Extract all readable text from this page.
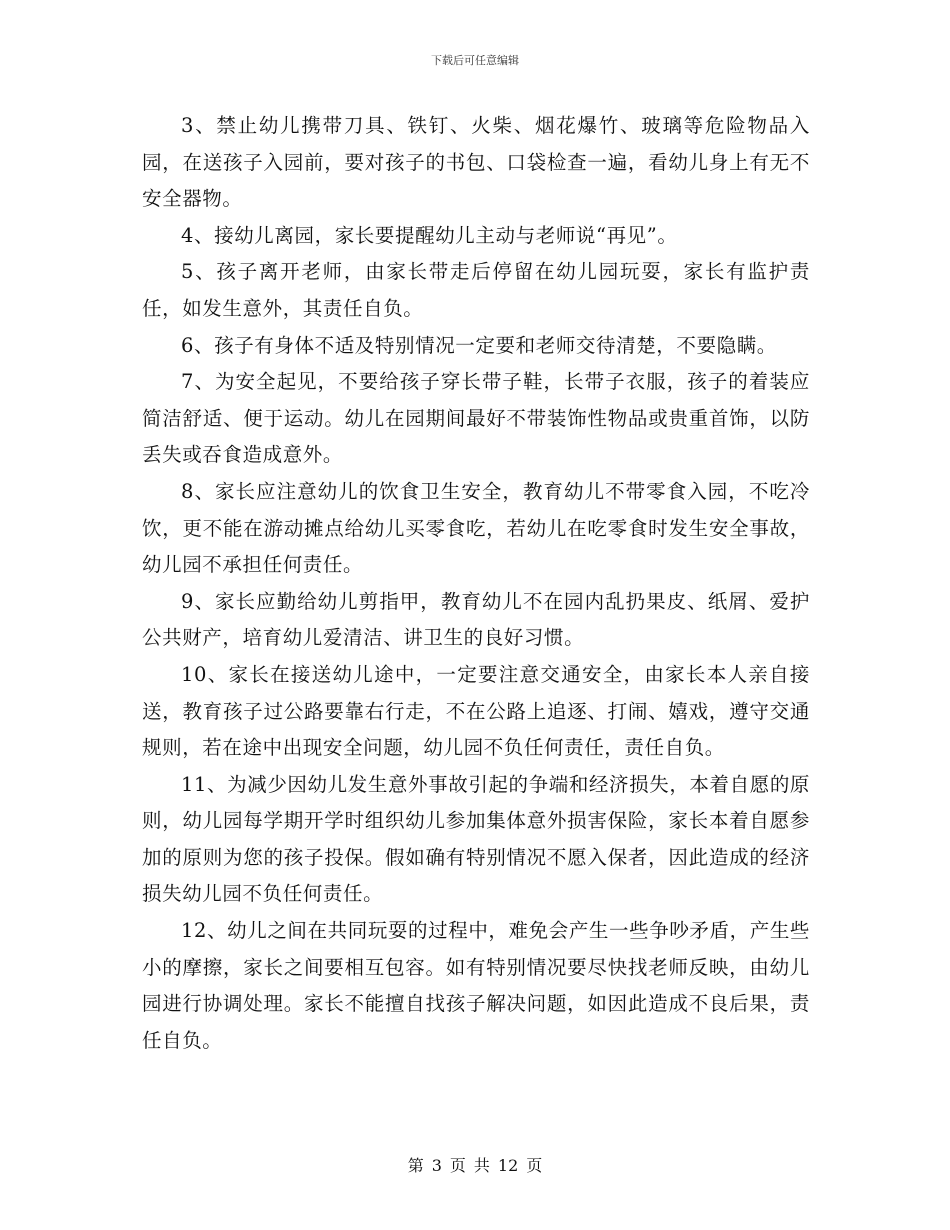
下载后可任意编辑

3、禁止幼儿携带刀具、铁钉、火柴、烟花爆竹、玻璃等危险物品入园，在送孩子入园前，要对孩子的书包、口袋检查一遍，看幼儿身上有无不安全器物。

4、接幼儿离园，家长要提醒幼儿主动与老师说“再见”。

5、孩子离开老师，由家长带走后停留在幼儿园玩耍，家长有监护责任，如发生意外，其责任自负。

6、孩子有身体不适及特别情况一定要和老师交待清楚，不要隐瞒。

7、为安全起见，不要给孩子穿长带子鞋，长带子衣服，孩子的着装应简洁舒适、便于运动。幼儿在园期间最好不带装饰性物品或贵重首饰，以防丢失或吞食造成意外。

8、家长应注意幼儿的饮食卫生安全，教育幼儿不带零食入园，不吃冷饮，更不能在游动摊点给幼儿买零食吃，若幼儿在吃零食时发生安全事故，幼儿园不承担任何责任。

9、家长应勤给幼儿剪指甲，教育幼儿不在园内乱扔果皮、纸屑、爱护公共财产，培育幼儿爱清洁、讲卫生的良好习惯。

10、家长在接送幼儿途中，一定要注意交通安全，由家长本人亲自接送，教育孩子过公路要靠右行走，不在公路上追逐、打闹、嬉戏，遵守交通规则，若在途中出现安全问题，幼儿园不负任何责任，责任自负。

11、为减少因幼儿发生意外事故引起的争端和经济损失，本着自愿的原则，幼儿园每学期开学时组织幼儿参加集体意外损害保险，家长本着自愿参加的原则为您的孩子投保。假如确有特别情况不愿入保者，因此造成的经济损失幼儿园不负任何责任。

12、幼儿之间在共同玩耍的过程中，难免会产生一些争吵矛盾，产生些小的摩擦，家长之间要相互包容。如有特别情况要尽快找老师反映，由幼儿园进行协调处理。家长不能擅自找孩子解决问题，如因此造成不良后果，责任自负。

第 3 页 共 12 页
